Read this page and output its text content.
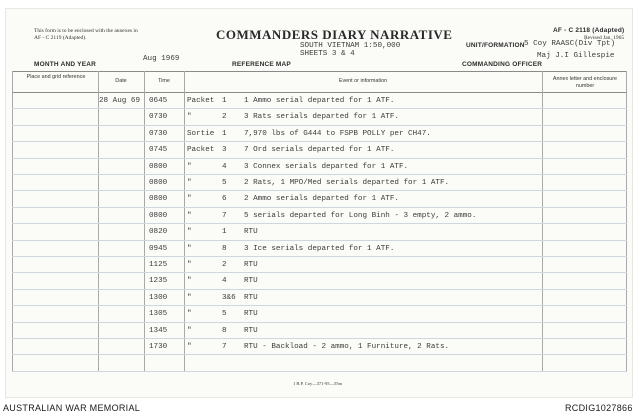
This form is to be enclosed with the annexes in AF - C 2119 (Adapted).	COMMANDERS DIARY NARRATIVE	AF - C 2118 (Adapted)
Revised Jan, 1965
SOUTH VIETNAM 1:50,000
SHEETS 3 & 4
UNIT/FORMATION 5 Coy RAASC(Div Tpt)
Maj J.I Gillespie
Aug 1969
MONTH AND YEAR	REFERENCE MAP	COMMANDING OFFICER
Place and grid reference
Date	Time	Event or information	Annex letter and enclosure number
28 Aug 69 0645	Packet 1 1 Ammo serial departed for 1 ATF.
0730	"	2 3 Rats serials departed for 1 ATF.
0730	Sortie 1 7,970 lbs of G444 to FSPB POLLY per CH47.
0745	Packet 3 7 Ord serials departed for 1 ATF.
0800	"	4 3 Connex serials departed for 1 ATF.
0800	"	5 2 Rats, 1 MPO/Med serials departed for 1 ATF.
0800	"	6 2 Ammo serials departed for 1 ATF.
0800	"	7 5 serials departed for Long Binh - 3 empty, 2 ammo.
0820	"	1 RTU
0945	"	8 3 Ice serials departed for 1 ATF.
1125	"	2 RTU
1235	"	4 RTU
1300	"	3&6 RTU
1305	"	5 RTU
1345	"	8 RTU
1730	"	7 RTU - Backload - 2 ammo, 1 Furniture, 2 Rats.
1 B.P. Coy—371-95—55m
AUSTRALIAN WAR MEMORIAL	RCDIG1027866
